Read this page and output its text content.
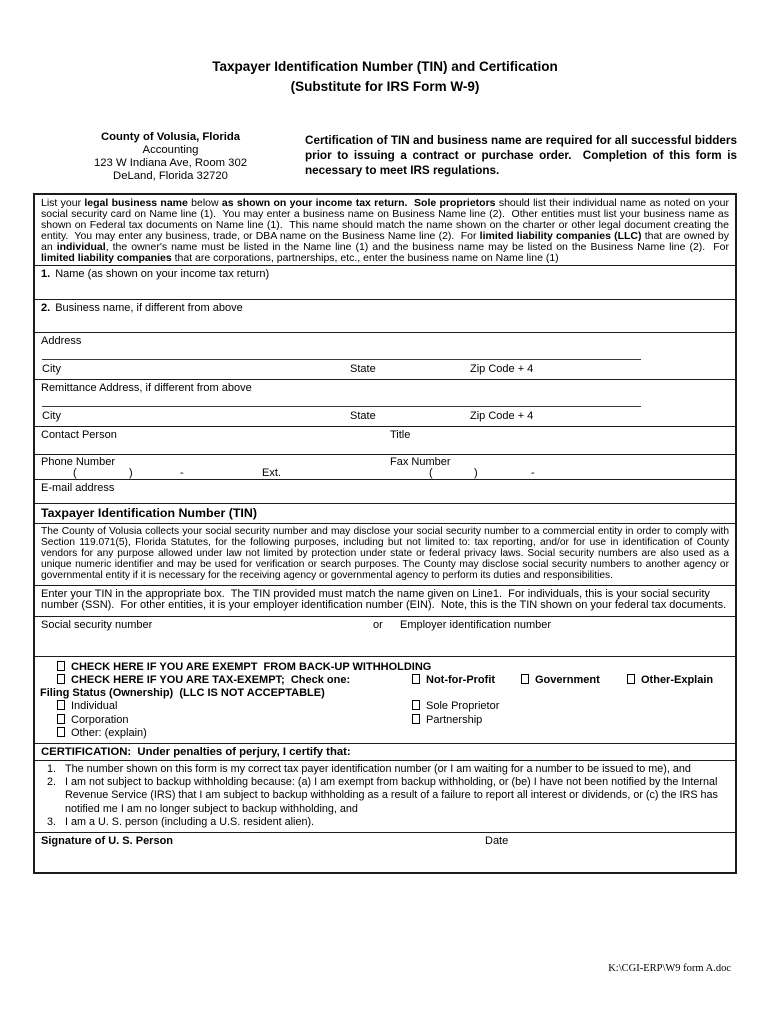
Taxpayer Identification Number (TIN) and Certification
(Substitute for IRS Form W-9)
County of Volusia, Florida
Accounting
123 W Indiana Ave, Room 302
DeLand, Florida 32720
Certification of TIN and business name are required for all successful bidders prior to issuing a contract or purchase order.  Completion of this form is necessary to meet IRS regulations.
List your legal business name below as shown on your income tax return.  Sole proprietors should list their individual name as noted on your social security card on Name line (1).  You may enter a business name on Business Name line (2).  Other entities must list your business name as shown on Federal tax documents on Name line (1).  This name should match the name shown on the charter or other legal document creating the entity.  You may enter any business, trade, or DBA name on the Business Name line (2).  For limited liability companies (LLC) that are owned by an individual, the owner's name must be listed in the Name line (1) and the business name may be listed on the Business Name line (2).  For limited liability companies that are corporations, partnerships, etc., enter the business name on Name line (1)
1. Name (as shown on your income tax return)
2. Business name, if different from above
Address
City	State	Zip Code + 4
Remittance Address, if different from above
City	State	Zip Code + 4
Contact Person	Title
Phone Number	Fax Number
(	)	-	Ext.	(	)	-
E-mail address
Taxpayer Identification Number (TIN)
The County of Volusia collects your social security number and may disclose your social security number to a commercial entity in order to comply with Section 119.071(5), Florida Statutes, for the following purposes, including but not limited to: tax reporting, and/or for use in identification of County vendors for any purpose allowed under law not limited by protection under state or federal privacy laws. Social security numbers are also used as a unique numeric identifier and may be used for verification or search purposes. The County may disclose social security numbers to another agency or governmental entity if it is necessary for the receiving agency or governmental agency to perform its duties and responsibilities.
Enter your TIN in the appropriate box.  The TIN provided must match the name given on Line1.  For individuals, this is your social security number (SSN).  For other entities, it is your employer identification number (EIN).  Note, this is the TIN shown on your federal tax documents.
Social security number	or Employer identification number
CHECK HERE IF YOU ARE EXEMPT  FROM BACK-UP WITHHOLDING
CHECK HERE IF YOU ARE TAX-EXEMPT;  Check one:	Not-for-Profit	Government	Other-Explain
Filing Status (Ownership)  (LLC IS NOT ACCEPTABLE)
Individual	Sole Proprietor
Corporation	Partnership
Other: (explain)
CERTIFICATION:  Under penalties of perjury, I certify that:
1. The number shown on this form is my correct tax payer identification number (or I am waiting for a number to be issued to me), and
2. I am not subject to backup withholding because: (a) I am exempt from backup withholding, or (be) I have not been notified by the Internal Revenue Service (IRS) that I am subject to backup withholding as a result of a failure to report all interest or dividends, or (c) the IRS has notified me I am no longer subject to backup withholding, and
3. I am a U. S. person (including a U.S. resident alien).
Signature of U. S. Person	Date
K:\CGI-ERP\W9 form A.doc
